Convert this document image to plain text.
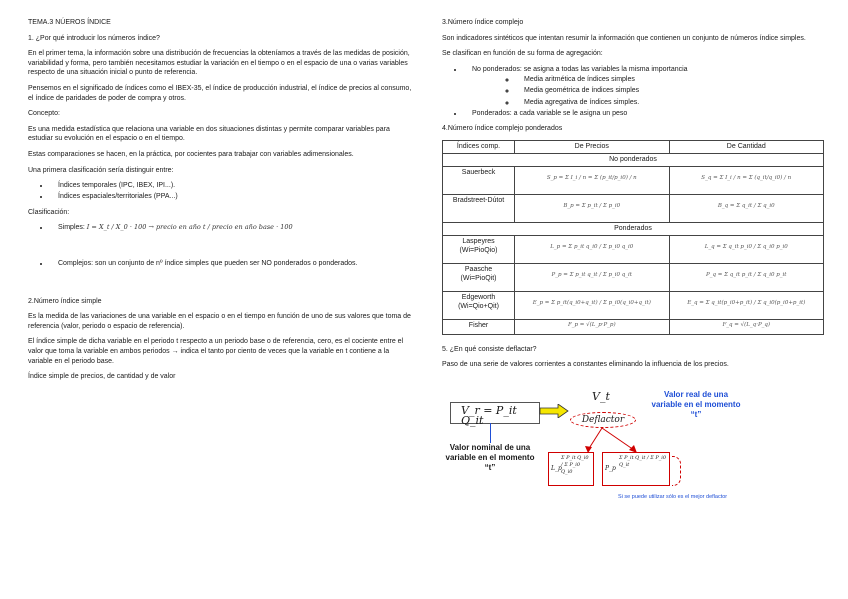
TEMA.3 NÚEROS ÍNDICE

1. ¿Por qué introducir los números índice?

En el primer tema, la información sobre una distribución de frecuencias la obteníamos a través de las medidas de posición, variabilidad y forma, pero también necesitamos estudiar la variación en el tiempo o en el espacio de una o varias variables respecto de una situación inicial o punto de referencia.

Pensemos en el significado de índices como el IBEX-35, el índice de producción industrial, el índice de precios al consumo, el índice de paridades de poder de compra y otros.

Concepto:

Es una medida estadística que relaciona una variable en dos situaciones distintas y permite comparar variables para estudiar su evolución en el espacio o en el tiempo.

Estas comparaciones se hacen, en la práctica, por cocientes para trabajar con variables adimensionales.

Una primera clasificación sería distinguir entre:

• Índices temporales (IPC, IBEX, IPI...).
• Índices espaciales/territoriales (PPA...)

Clasificación:

• Simples: I = X_t / X_0 · 100 → precio en año t / precio en año base · 100
• Complejos: son un conjunto de nº índice simples que pueden ser NO ponderados o ponderados.

2.Número índice simple

Es la medida de las variaciones de una variable en el espacio o en el tiempo en función de uno de sus valores que toma de referencia (valor, periodo o espacio de referencia).

El índice simple de dicha variable en el periodo t respecto a un periodo base o de referencia, cero, es el cociente entre el valor que toma la variable en ambos periodos → indica el tanto por ciento de veces que la variable en t contiene a la variable en el periodo base.

Índice simple de precios, de cantidad y de valor

3.Número índice complejo

Son indicadores sintéticos que intentan resumir la información que contienen un conjunto de números índice simples.

Se clasifican en función de su forma de agregación:

• No ponderados: se asigna a todas las variables la misma importancia
◦ Media aritmética de índices simples
◦ Media geométrica de índices simples
◦ Media agregativa de índices simples.
• Ponderados: a cada variable se le asigna un peso

4.Número índice complejo ponderados

Índices comp.	De Precios	De Cantidad
No ponderados		
Sauerbeck	S_p = Σ I_i / n = Σ (p_it/p_i0) / n	S_q = Σ I_i / n = Σ (q_it/q_i0) / n

Bradstreet-Dútot	B_p = Σ p_it / Σ p_i0	B_q = Σ q_it / Σ q_i0

Ponderados		
Laspeyres
(Wi=PioQio)	L_p = Σ p_it q_i0 / Σ p_i0 q_i0	L_q = Σ q_it p_i0 / Σ q_i0 p_i0

Paasche
(Wi=PioQit)	P_p = Σ p_it q_it / Σ p_i0 q_it	P_q = Σ q_it p_it / Σ q_i0 p_it

Edgeworth
(Wi=Qio+Qit)	E_p = Σ p_it(q_i0+q_it) / Σ p_i0(q_i0+q_it)	E_q = Σ q_it(p_i0+p_it) / Σ q_i0(p_i0+p_it)

Fisher	F_p = √(L_p·P_p)	F_q = √(L_q·P_q)

5. ¿En qué consiste deflactar?

Paso de una serie de valores corrientes a constantes eliminando la influencia de los precios.

V_r = P_it Q_it
V_t
Deflactor
Valor real de una variable en el momento “t”
Valor nominal de una variable en el momento “t”	L_p
Σ P_it Q_i0 / Σ P_i0 Q_i0	P_p
Σ P_it Q_it / Σ P_i0 Q_it
Si se puede utilizar sólo es el mejor deflactor
